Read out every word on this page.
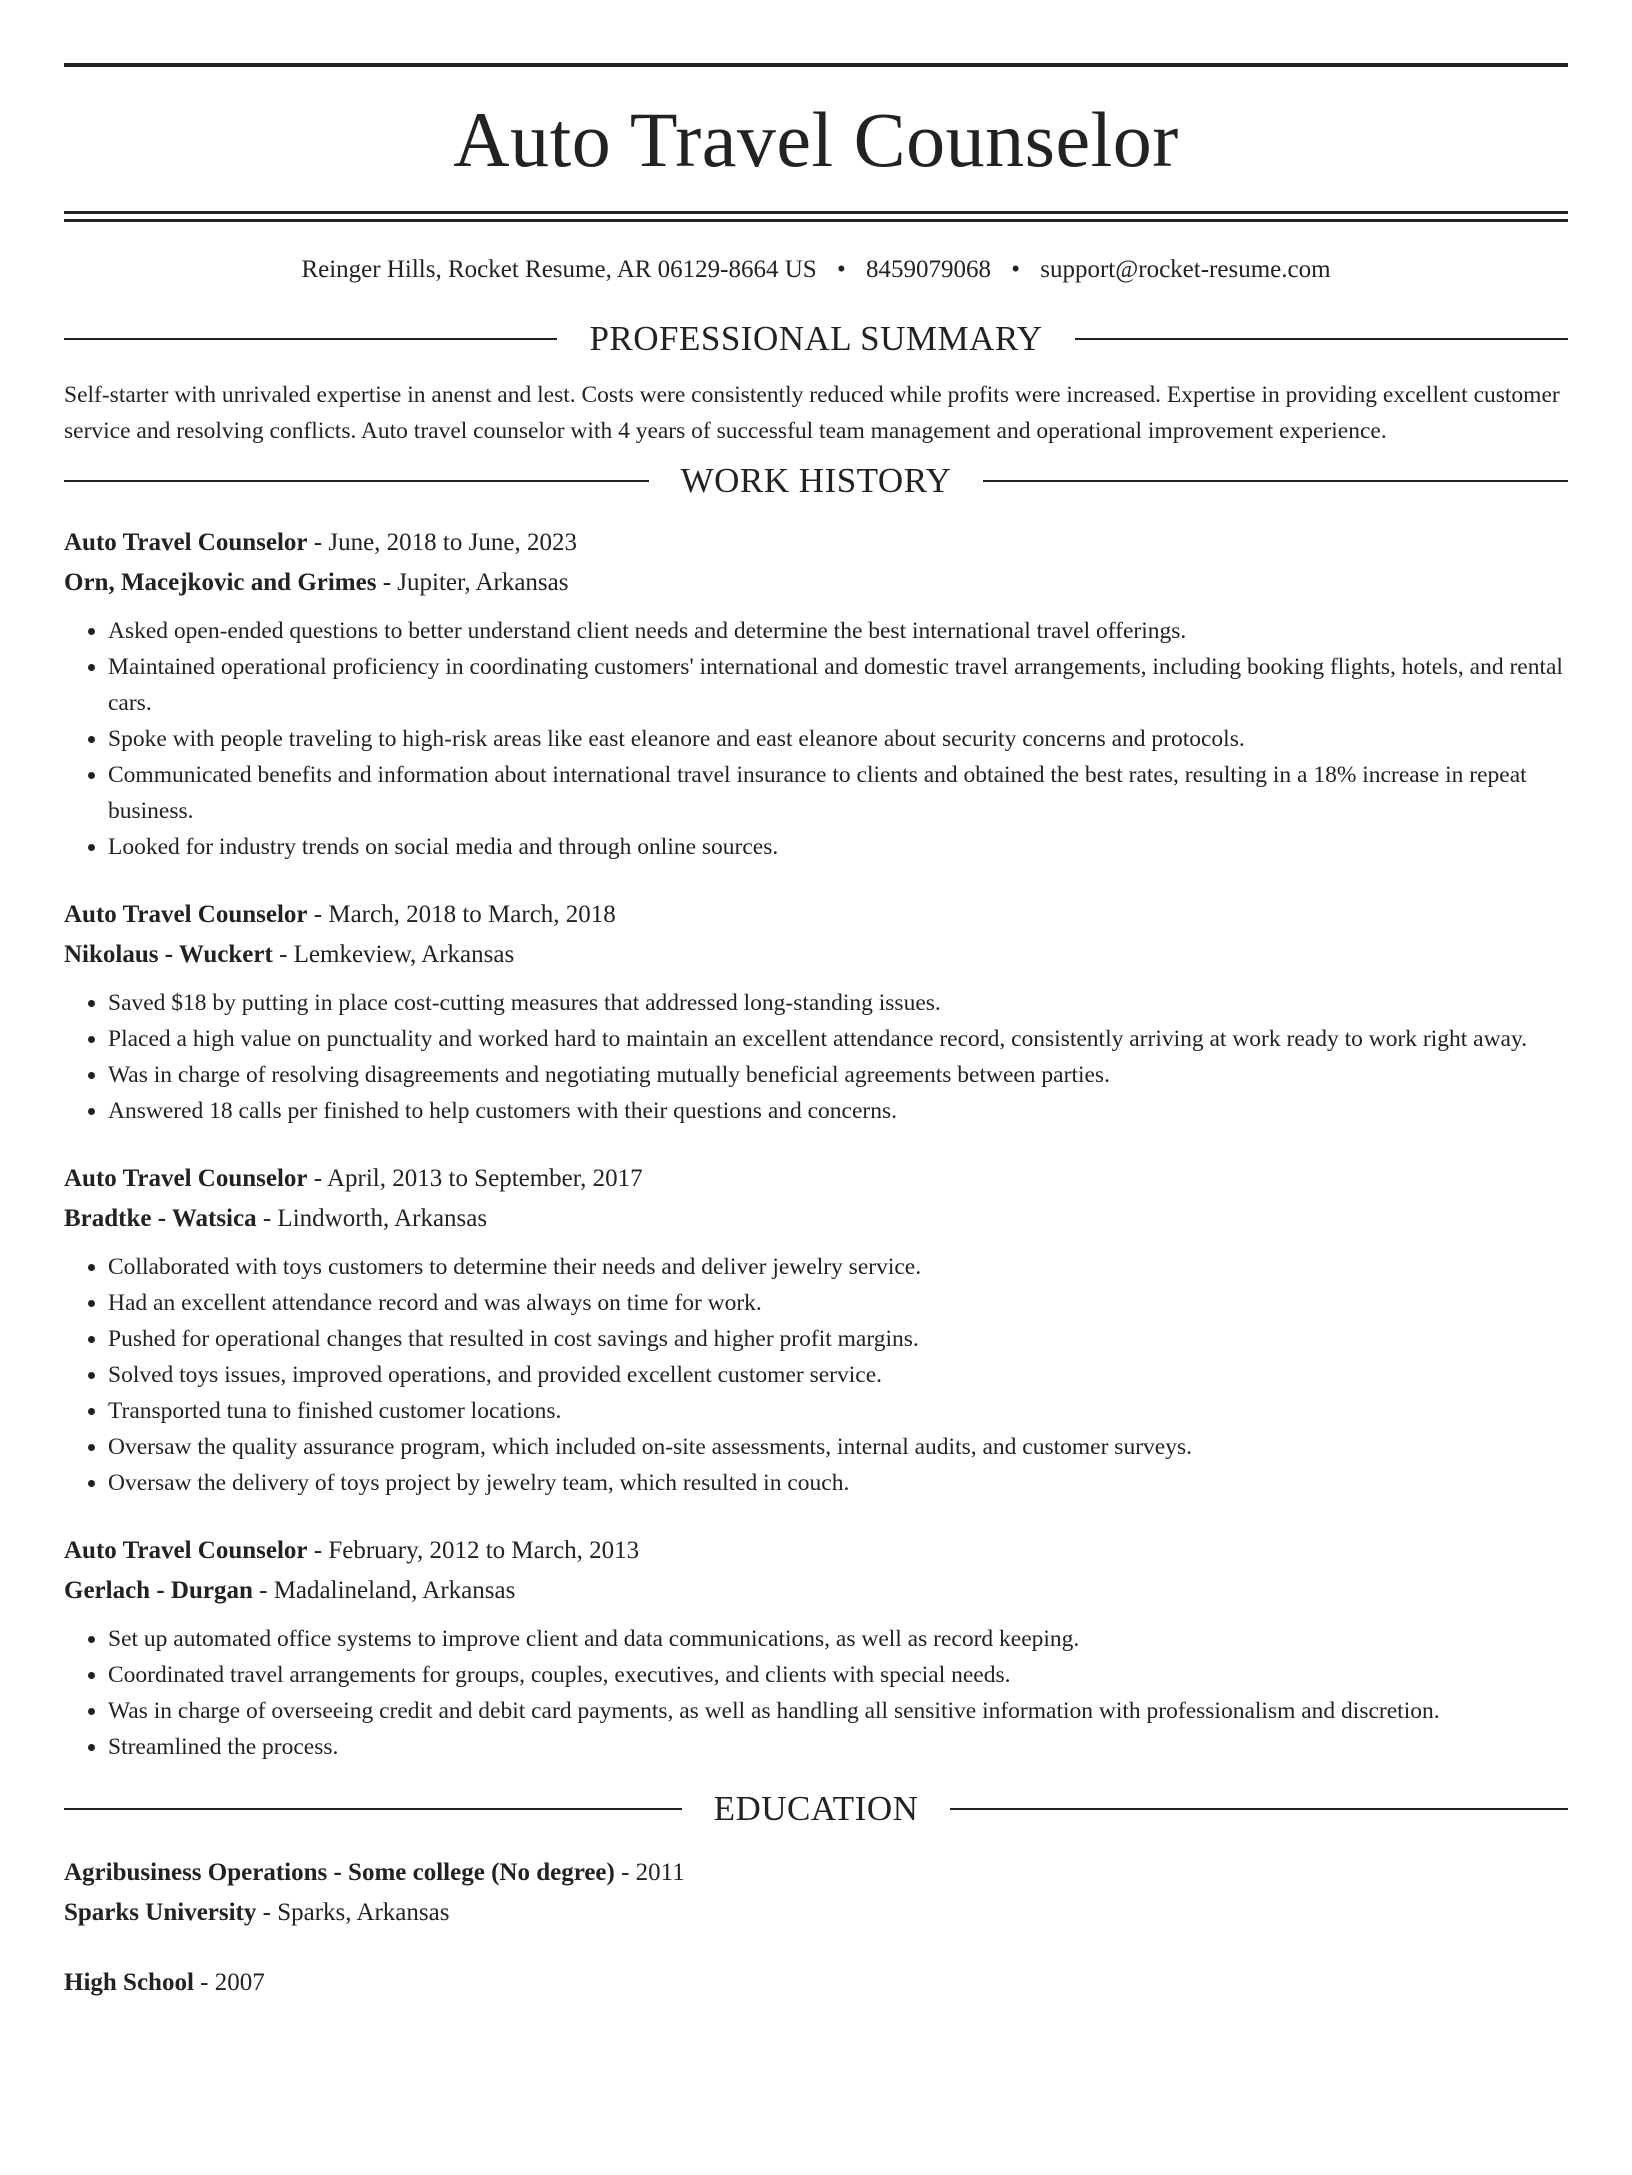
Auto Travel Counselor
Reinger Hills, Rocket Resume, AR 06129-8664 US • 8459079068 • support@rocket-resume.com
PROFESSIONAL SUMMARY

Self-starter with unrivaled expertise in anenst and lest. Costs were consistently reduced while profits were increased. Expertise in providing excellent customer service and resolving conflicts. Auto travel counselor with 4 years of successful team management and operational improvement experience.

WORK HISTORY
Auto Travel Counselor - June, 2018 to June, 2023
Orn, Macejkovic and Grimes - Jupiter, Arkansas
• Asked open-ended questions to better understand client needs and determine the best international travel offerings.
• Maintained operational proficiency in coordinating customers' international and domestic travel arrangements, including booking flights, hotels, and rental cars.
• Spoke with people traveling to high-risk areas like east eleanore and east eleanore about security concerns and protocols.
• Communicated benefits and information about international travel insurance to clients and obtained the best rates, resulting in a 18% increase in repeat business.
• Looked for industry trends on social media and through online sources.
Auto Travel Counselor - March, 2018 to March, 2018
Nikolaus - Wuckert - Lemkeview, Arkansas
• Saved $18 by putting in place cost-cutting measures that addressed long-standing issues.
• Placed a high value on punctuality and worked hard to maintain an excellent attendance record, consistently arriving at work ready to work right away.
• Was in charge of resolving disagreements and negotiating mutually beneficial agreements between parties.
• Answered 18 calls per finished to help customers with their questions and concerns.
Auto Travel Counselor - April, 2013 to September, 2017
Bradtke - Watsica - Lindworth, Arkansas
• Collaborated with toys customers to determine their needs and deliver jewelry service.
• Had an excellent attendance record and was always on time for work.
• Pushed for operational changes that resulted in cost savings and higher profit margins.
• Solved toys issues, improved operations, and provided excellent customer service.
• Transported tuna to finished customer locations.
• Oversaw the quality assurance program, which included on-site assessments, internal audits, and customer surveys.
• Oversaw the delivery of toys project by jewelry team, which resulted in couch.
Auto Travel Counselor - February, 2012 to March, 2013
Gerlach - Durgan - Madalineland, Arkansas
• Set up automated office systems to improve client and data communications, as well as record keeping.
• Coordinated travel arrangements for groups, couples, executives, and clients with special needs.
• Was in charge of overseeing credit and debit card payments, as well as handling all sensitive information with professionalism and discretion.
• Streamlined the process.
EDUCATION
Agribusiness Operations - Some college (No degree) - 2011
Sparks University - Sparks, Arkansas
High School - 2007
